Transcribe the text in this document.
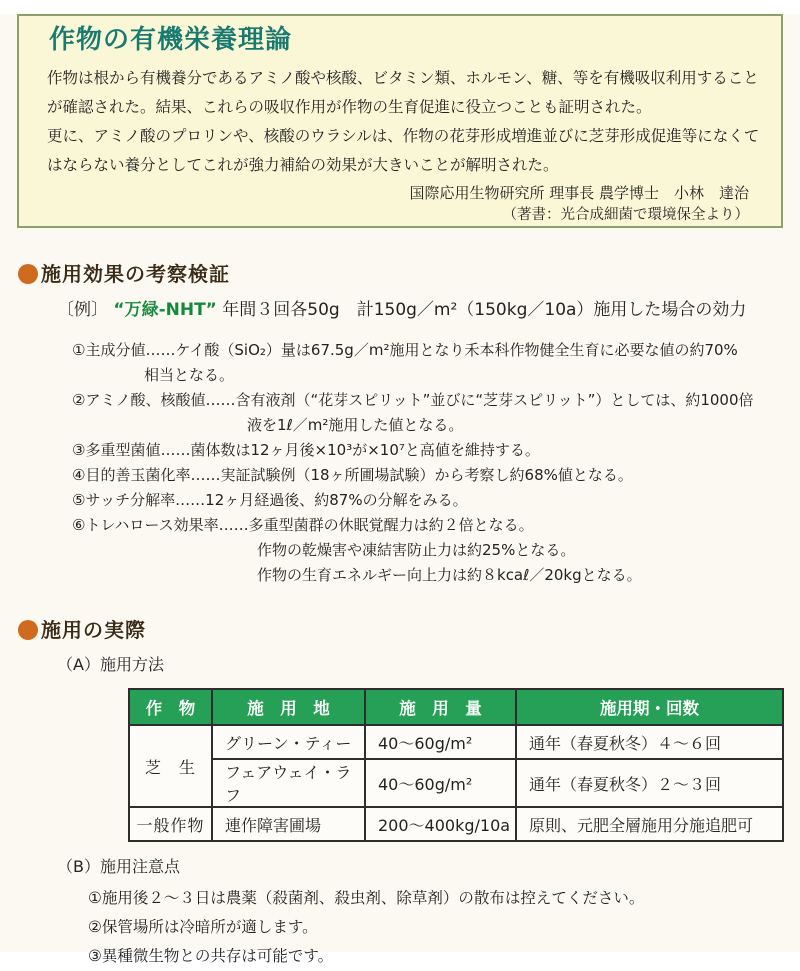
作物の有機栄養理論
作物は根から有機養分であるアミノ酸や核酸、ビタミン類、ホルモン、糖、等を有機吸収利用すること
が確認された。結果、これらの吸収作用が作物の生育促進に役立つことも証明された。
更に、アミノ酸のプロリンや、核酸のウラシルは、作物の花芽形成増進並びに芝芽形成促進等になくて
はならない養分としてこれが強力補給の効果が大きいことが解明された。
国際応用生物研究所 理事長 農学博士　小林　達治
（著書：光合成細菌で環境保全より）
施用効果の考察検証
〔例〕 “万緑-NHT” 年間３回各50g　計150g／m²（150kg／10a）施用した場合の効力
①主成分値……ケイ酸（SiO₂）量は67.5g／m²施用となり禾本科作物健全生育に必要な値の約70%
相当となる。
②アミノ酸、核酸値……含有液剤（“花芽スピリット”並びに“芝芽スピリット”）としては、約1000倍
液を1ℓ／m²施用した値となる。
③多重型菌値……菌体数は12ヶ月後×10³が×10⁷と高値を維持する。
④目的善玉菌化率……実証試験例（18ヶ所圃場試験）から考察し約68%値となる。
⑤サッチ分解率……12ヶ月経過後、約87%の分解をみる。
⑥トレハロース効果率……多重型菌群の休眠覚醒力は約２倍となる。
作物の乾燥害や凍結害防止力は約25%となる。
作物の生育エネルギー向上力は約８kcaℓ／20kgとなる。
施用の実際
（A）施用方法
作　物	施　用　地	施　用　量	施用期・回数
芝　生	グリーン・ティー	40～60g/m²	通年（春夏秋冬）４～６回
	フェアウェイ・ラフ	40～60g/m²	通年（春夏秋冬）２～３回
一般作物	連作障害圃場	200～400kg/10a	原則、元肥全層施用分施追肥可
（B）施用注意点
①施用後２～３日は農薬（殺菌剤、殺虫剤、除草剤）の散布は控えてください。
②保管場所は冷暗所が適します。
③異種微生物との共存は可能です。
